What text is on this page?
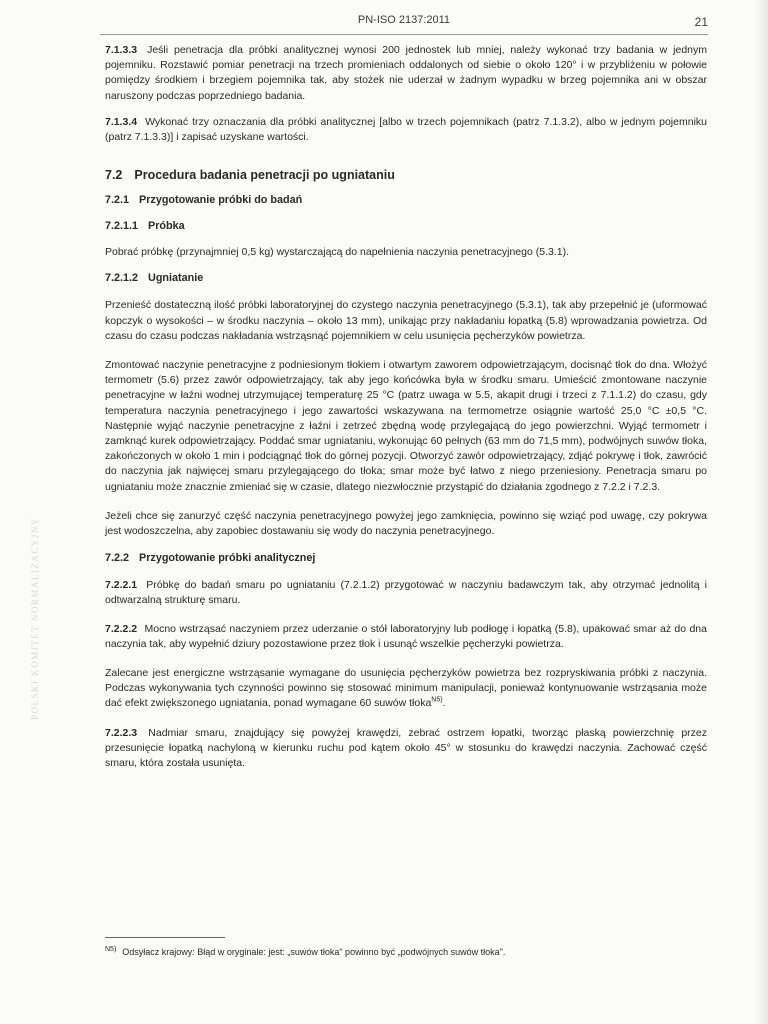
PN-ISO 2137:2011	21
POLSKI KOMITET NORMALIZACYJNY

7.1.3.3 Jeśli penetracja dla próbki analitycznej wynosi 200 jednostek lub mniej, należy wykonać trzy badania w jednym pojemniku. Rozstawić pomiar penetracji na trzech promieniach oddalonych od siebie o około 120° i w przybliżeniu w połowie pomiędzy środkiem i brzegiem pojemnika tak, aby stożek nie uderzał w żadnym wypadku w brzeg pojemnika ani w obszar naruszony podczas poprzedniego badania.

7.1.3.4 Wykonać trzy oznaczania dla próbki analitycznej [albo w trzech pojemnikach (patrz 7.1.3.2), albo w jednym pojemniku (patrz 7.1.3.3)] i zapisać uzyskane wartości.

7.2 Procedura badania penetracji po ugniataniu
7.2.1 Przygotowanie próbki do badań
7.2.1.1 Próbka

Pobrać próbkę (przynajmniej 0,5 kg) wystarczającą do napełnienia naczynia penetracyjnego (5.3.1).

7.2.1.2 Ugniatanie

Przenieść dostateczną ilość próbki laboratoryjnej do czystego naczynia penetracyjnego (5.3.1), tak aby przepełnić je (uformować kopczyk o wysokości – w środku naczynia – około 13 mm), unikając przy nakładaniu łopatką (5.8) wprowadzania powietrza. Od czasu do czasu podczas nakładania wstrząsnąć pojemnikiem w celu usunięcia pęcherzyków powietrza.

Zmontować naczynie penetracyjne z podniesionym tłokiem i otwartym zaworem odpowietrzającym, docisnąć tłok do dna. Włożyć termometr (5.6) przez zawór odpowietrzający, tak aby jego końcówka była w środku smaru. Umieścić zmontowane naczynie penetracyjne w łaźni wodnej utrzymującej temperaturę 25 °C (patrz uwaga w 5.5, akapit drugi i trzeci z 7.1.1.2) do czasu, gdy temperatura naczynia penetracyjnego i jego zawartości wskazywana na termometrze osiągnie wartość 25,0 °C ±0,5 °C. Następnie wyjąć naczynie penetracyjne z łaźni i zetrzeć zbędną wodę przylegającą do jego powierzchni. Wyjąć termometr i zamknąć kurek odpowietrzający. Poddać smar ugniataniu, wykonując 60 pełnych (63 mm do 71,5 mm), podwójnych suwów tłoka, zakończonych w około 1 min i podciągnąć tłok do górnej pozycji. Otworzyć zawór odpowietrzający, zdjąć pokrywę i tłok, zawrócić do naczynia jak najwięcej smaru przylegającego do tłoka; smar może być łatwo z niego przeniesiony. Penetracja smaru po ugniataniu może znacznie zmieniać się w czasie, dlatego niezwłocznie przystąpić do działania zgodnego z 7.2.2 i 7.2.3.

Jeżeli chce się zanurzyć część naczynia penetracyjnego powyżej jego zamknięcia, powinno się wziąć pod uwagę, czy pokrywa jest wodoszczelna, aby zapobiec dostawaniu się wody do naczynia penetracyjnego.

7.2.2 Przygotowanie próbki analitycznej

7.2.2.1 Próbkę do badań smaru po ugniataniu (7.2.1.2) przygotować w naczyniu badawczym tak, aby otrzymać jednolitą i odtwarzalną strukturę smaru.

7.2.2.2 Mocno wstrząsać naczyniem przez uderzanie o stół laboratoryjny lub podłogę i łopatką (5.8), upakować smar aż do dna naczynia tak, aby wypełnić dziury pozostawione przez tłok i usunąć wszelkie pęcherzyki powietrza.

Zalecane jest energiczne wstrząsanie wymagane do usunięcia pęcherzyków powietrza bez rozpryskiwania próbki z naczynia. Podczas wykonywania tych czynności powinno się stosować minimum manipulacji, ponieważ kontynuowanie wstrząsania może dać efekt zwiększonego ugniatania, ponad wymagane 60 suwów tłoka$^{N5)}$.

7.2.2.3 Nadmiar smaru, znajdujący się powyżej krawędzi, zebrać ostrzem łopatki, tworząc płaską powierzchnię przez przesunięcie łopatką nachyloną w kierunku ruchu pod kątem około 45° w stosunku do krawędzi naczynia. Zachować część smaru, która została usunięta.

$^{N5)}$ Odsyłacz krajowy: Błąd w oryginale: jest: „suwów tłoka" powinno być „podwójnych suwów tłoka".
